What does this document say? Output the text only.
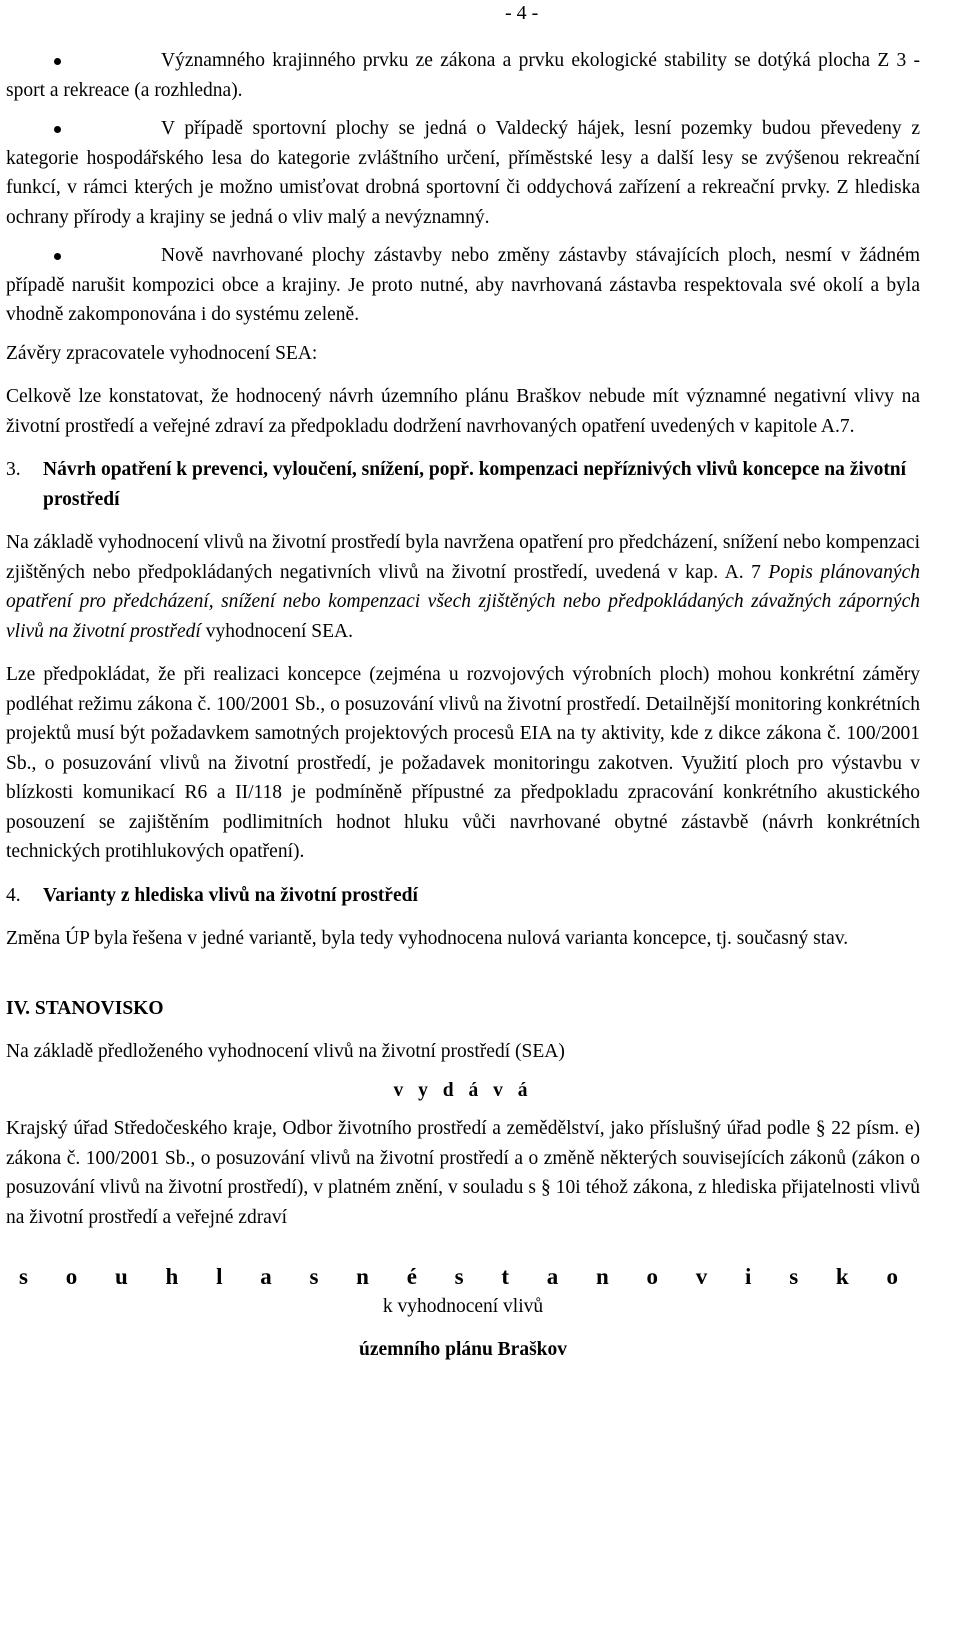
- 4 -

Významného krajinného prvku ze zákona a prvku ekologické stability se dotýká plocha Z 3 - sport a rekreace (a rozhledna).

V případě sportovní plochy se jedná o Valdecký hájek, lesní pozemky budou převedeny z kategorie hospodářského lesa do kategorie zvláštního určení, příměstské lesy a další lesy se zvýšenou rekreační funkcí, v rámci kterých je možno umisťovat drobná sportovní či oddychová zařízení a rekreační prvky. Z hlediska ochrany přírody a krajiny se jedná o vliv malý a nevýznamný.

Nově navrhované plochy zástavby nebo změny zástavby stávajících ploch, nesmí v žádném případě narušit kompozici obce a krajiny. Je proto nutné, aby navrhovaná zástavba respektovala své okolí a byla vhodně zakomponována i do systému zeleně.

Závěry zpracovatele vyhodnocení SEA:

Celkově lze konstatovat, že hodnocený návrh územního plánu Braškov nebude mít významné negativní vlivy na životní prostředí a veřejné zdraví za předpokladu dodržení navrhovaných opatření uvedených v kapitole A.7.

3.	Návrh opatření k prevenci, vyloučení, snížení, popř. kompenzaci nepříznivých vlivů koncepce na životní prostředí

Na základě vyhodnocení vlivů na životní prostředí byla navržena opatření pro předcházení, snížení nebo kompenzaci zjištěných nebo předpokládaných negativních vlivů na životní prostředí, uvedená v kap. A. 7 Popis plánovaných opatření pro předcházení, snížení nebo kompenzaci všech zjištěných nebo předpokládaných závažných záporných vlivů na životní prostředí vyhodnocení SEA.

Lze předpokládat, že při realizaci koncepce (zejména u rozvojových výrobních ploch) mohou konkrétní záměry podléhat režimu zákona č. 100/2001 Sb., o posuzování vlivů na životní prostředí. Detailnější monitoring konkrétních projektů musí být požadavkem samotných projektových procesů EIA na ty aktivity, kde z dikce zákona č. 100/2001 Sb., o posuzování vlivů na životní prostředí, je požadavek monitoringu zakotven. Využití ploch pro výstavbu v blízkosti komunikací R6 a II/118 je podmíněně přípustné za předpokladu zpracování konkrétního akustického posouzení se zajištěním podlimitních hodnot hluku vůči navrhované obytné zástavbě (návrh konkrétních technických protihlukových opatření).

4.	Varianty z hlediska vlivů na životní prostředí

Změna ÚP byla řešena v jedné variantě, byla tedy vyhodnocena nulová varianta koncepce, tj. současný stav.

IV. STANOVISKO

Na základě předloženého vyhodnocení vlivů na životní prostředí (SEA)

v y d á v á

Krajský úřad Středočeského kraje, Odbor životního prostředí a zemědělství, jako příslušný úřad podle § 22 písm. e) zákona č. 100/2001 Sb., o posuzování vlivů na životní prostředí a o změně některých souvisejících zákonů (zákon o posuzování vlivů na životní prostředí), v platném znění, v souladu s § 10i téhož zákona, z hlediska přijatelnosti vlivů na životní prostředí a veřejné zdraví

s o u h l a s n é s t a n o v i s k o

k vyhodnocení vlivů

územního plánu Braškov
